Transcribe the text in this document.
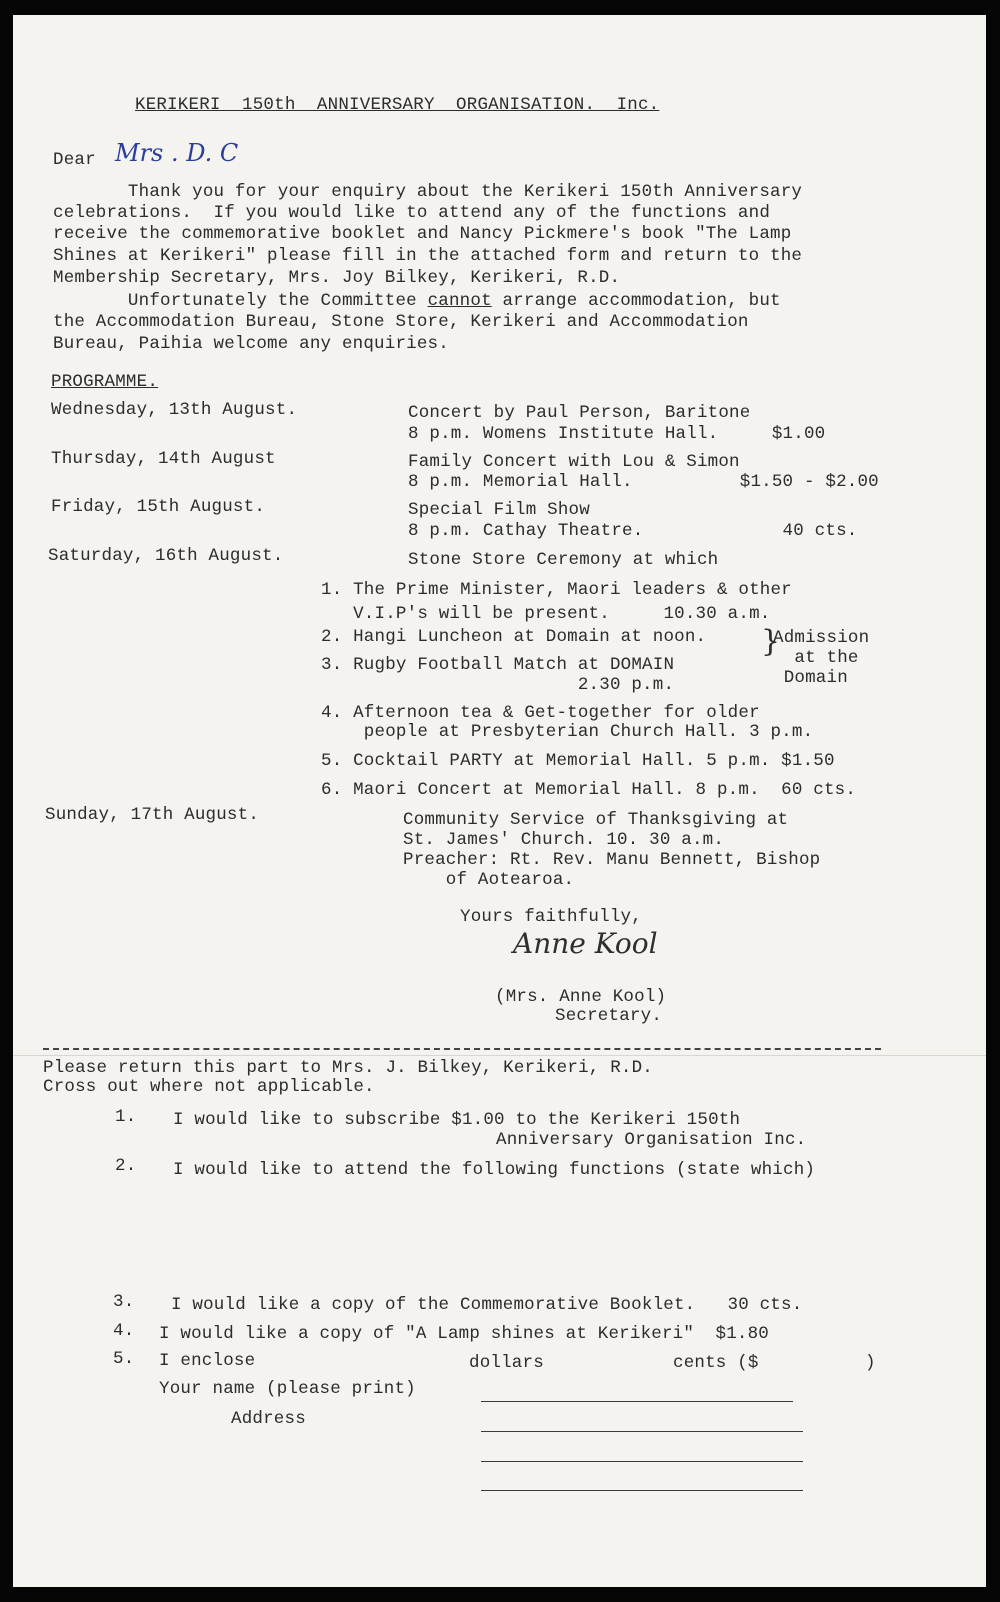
KERIKERI  150th  ANNIVERSARY  ORGANISATION.  Inc.
Dear Mrs . D. C
Thank you for your enquiry about the Kerikeri 150th Anniversary
celebrations.  If you would like to attend any of the functions and
receive the commemorative booklet and Nancy Pickmere's book "The Lamp
Shines at Kerikeri" please fill in the attached form and return to the
Membership Secretary, Mrs. Joy Bilkey, Kerikeri, R.D.
Unfortunately the Committee cannot arrange accommodation, but
the Accommodation Bureau, Stone Store, Kerikeri and Accommodation
Bureau, Paihia welcome any enquiries.
PROGRAMME.
Wednesday, 13th August.	Concert by Paul Person, Baritone
8 p.m. Womens Institute Hall.     $1.00
Thursday, 14th August	Family Concert with Lou & Simon
8 p.m. Memorial Hall.          $1.50 - $2.00
Friday, 15th August.	Special Film Show
8 p.m. Cathay Theatre.             40 cts.
Saturday, 16th August.	Stone Store Ceremony at which
1. The Prime Minister, Maori leaders & other
V.I.P's will be present.     10.30 a.m.
2. Hangi Luncheon at Domain at noon.
3. Rugby Football Match at DOMAIN
2.30 p.m.
}
Admission
at the
Domain
4. Afternoon tea & Get-together for older
people at Presbyterian Church Hall. 3 p.m.
5. Cocktail PARTY at Memorial Hall. 5 p.m. $1.50
6. Maori Concert at Memorial Hall. 8 p.m.  60 cts.
Sunday, 17th August.	Community Service of Thanksgiving at
St. James' Church. 10. 30 a.m.
Preacher: Rt. Rev. Manu Bennett, Bishop
of Aotearoa.
Yours faithfully,
Anne Kool
(Mrs. Anne Kool)
Secretary.
Please return this part to Mrs. J. Bilkey, Kerikeri, R.D.
Cross out where not applicable.
1. I would like to subscribe $1.00 to the Kerikeri 150th
Anniversary Organisation Inc.
2. I would like to attend the following functions (state which)
3. I would like a copy of the Commemorative Booklet.   30 cts.
4. I would like a copy of "A Lamp shines at Kerikeri"  $1.80
5. I enclose	dollars	cents ($	)
Your name (please print)
Address
